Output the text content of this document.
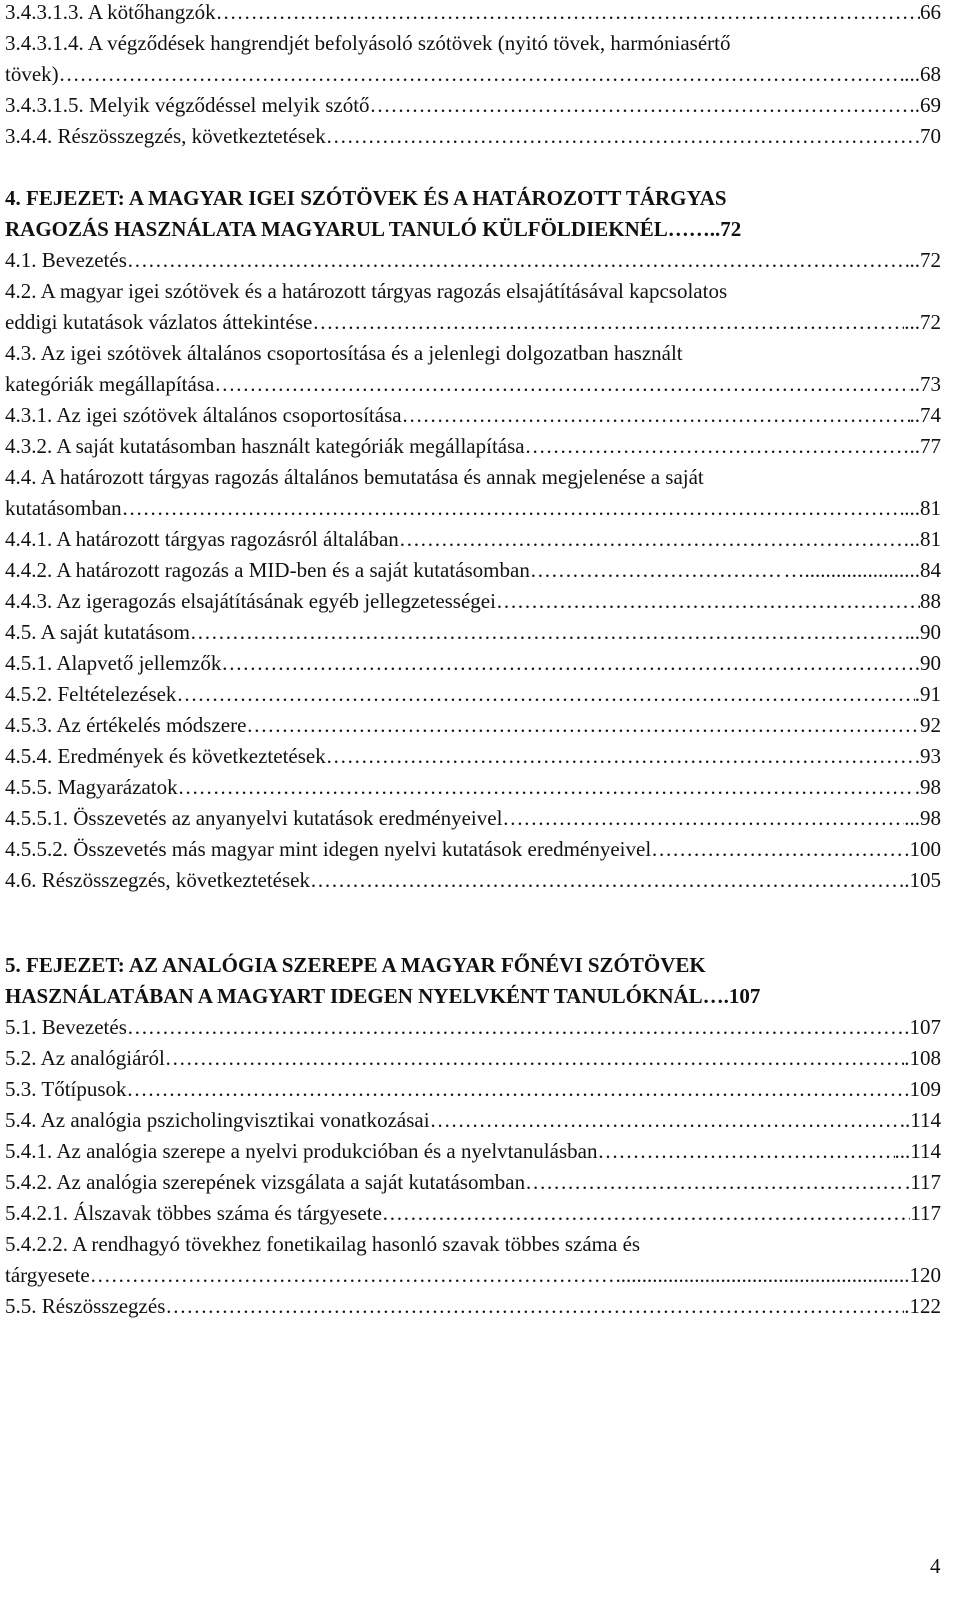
3.4.3.1.3. A kötőhangzók ………………………………………………………………………………………………………………………………………………………………………………………………………………	66
3.4.3.1.4. A végződések hangrendjét befolyásoló szótövek (nyitó tövek, harmóniasértő
tövek) ………………………………………………………………………………………………………………………………………………………………………………………………………………	...68
3.4.3.1.5. Melyik végződéssel melyik szótő ………………………………………………………………………………………………………………………………………………………………………………………………………………	.69
3.4.4. Részösszegzés, következtetések ………………………………………………………………………………………………………………………………………………………………………………………………………………	.70
4. FEJEZET: A MAGYAR IGEI SZÓTÖVEK ÉS A HATÁROZOTT TÁRGYAS
RAGOZÁS HASZNÁLATA MAGYARUL TANULÓ KÜLFÖLDIEKNÉL ……. .72
4.1. Bevezetés ………………………………………………………………………………………………………………………………………………………………………………………………………………	..72
4.2. A magyar igei szótövek és a határozott tárgyas ragozás elsajátításával kapcsolatos
eddigi kutatások vázlatos áttekintése ………………………………………………………………………………………………………………………………………………………………………………………………………………	...72
4.3. Az igei szótövek általános csoportosítása és a jelenlegi dolgozatban használt
kategóriák megállapítása ………………………………………………………………………………………………………………………………………………………………………………………………………………	..73
4.3.1. Az igei szótövek általános csoportosítása ………………………………………………………………………………………………………………………………………………………………………………………………………………	..74
4.3.2. A saját kutatásomban használt kategóriák megállapítása ………………………………………………………………………………………………………………………………………………………………………………………………………………	..77
4.4. A határozott tárgyas ragozás általános bemutatása és annak megjelenése a saját
kutatásomban ………………………………………………………………………………………………………………………………………………………………………………………………………………	...81
4.4.1. A határozott tárgyas ragozásról általában ………………………………………………………………………………………………………………………………………………………………………………………………………………	..81
4.4.2. A határozott ragozás a MID-ben és a saját kutatásomban ………………………………………………………………………………………………………………………………………………………………………………………………………………	…......................84
4.4.3. Az igeragozás elsajátításának egyéb jellegzetességei ………………………………………………………………………………………………………………………………………………………………………………………………………………	88
4.5. A saját kutatásom ………………………………………………………………………………………………………………………………………………………………………………………………………………	..90
4.5.1. Alapvető jellemzők ………………………………………………………………………………………………………………………………………………………………………………………………………………	.90
4.5.2. Feltételezések ………………………………………………………………………………………………………………………………………………………………………………………………………………	.91
4.5.3. Az értékelés módszere ………………………………………………………………………………………………………………………………………………………………………………………………………………	92
4.5.4. Eredmények és következtetések ………………………………………………………………………………………………………………………………………………………………………………………………………………	.93
4.5.5. Magyarázatok ………………………………………………………………………………………………………………………………………………………………………………………………………………	.98
4.5.5.1. Összevetés az anyanyelvi kutatások eredményeivel ………………………………………………………………………………………………………………………………………………………………………………………………………………	...98
4.5.5.2. Összevetés más magyar mint idegen nyelvi kutatások eredményeivel ………………………………………………………………………………………………………………………………………………………………………………………………………………	.100
4.6. Részösszegzés, következtetések ………………………………………………………………………………………………………………………………………………………………………………………………………………	..105
5. FEJEZET: AZ ANALÓGIA SZEREPE A MAGYAR FŐNÉVI SZÓTÖVEK
HASZNÁLATÁBAN A MAGYART IDEGEN NYELVKÉNT TANULÓKNÁL … .107
5.1. Bevezetés ………………………………………………………………………………………………………………………………………………………………………………………………………………	.107
5.2. Az analógiáról ………………………………………………………………………………………………………………………………………………………………………………………………………………	.108
5.3. Tőtípusok ………………………………………………………………………………………………………………………………………………………………………………………………………………	.109
5.4. Az analógia pszicholingvisztikai vonatkozásai ………………………………………………………………………………………………………………………………………………………………………………………………………………	..114
5.4.1. Az analógia szerepe a nyelvi produkcióban és a nyelvtanulásban ………………………………………………………………………………………………………………………………………………………………………………………………………………	...114
5.4.2. Az analógia szerepének vizsgálata a saját kutatásomban ………………………………………………………………………………………………………………………………………………………………………………………………………………	.117
5.4.2.1. Álszavak többes száma és tárgyesete ………………………………………………………………………………………………………………………………………………………………………………………………………………	117
5.4.2.2. A rendhagyó tövekhez fonetikailag hasonló szavak többes száma és
tárgyesete ………………………………………………………………………………………………………………………………………………………………………………………………………………	........................................................120
5.5. Részösszegzés ………………………………………………………………………………………………………………………………………………………………………………………………………………	.122
4
